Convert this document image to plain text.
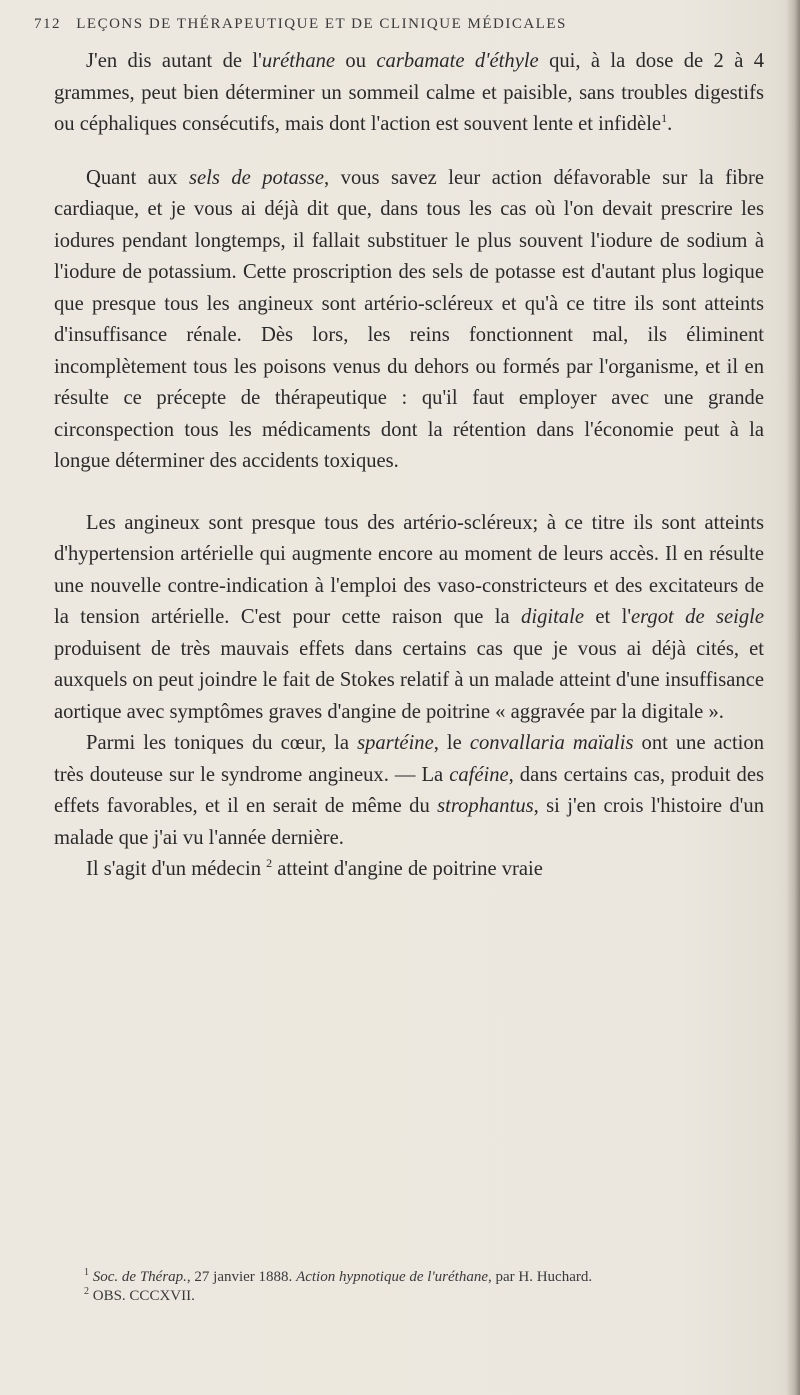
712 LEÇONS DE THÉRAPEUTIQUE ET DE CLINIQUE MÉDICALES

J'en dis autant de l'uréthane ou carbamate d'éthyle qui, à la dose de 2 à 4 grammes, peut bien déterminer un sommeil calme et paisible, sans troubles digestifs ou céphaliques consécutifs, mais dont l'action est souvent lente et infidèle$^1$.

Quant aux sels de potasse, vous savez leur action défavorable sur la fibre cardiaque, et je vous ai déjà dit que, dans tous les cas où l'on devait prescrire les iodures pendant longtemps, il fallait substituer le plus souvent l'iodure de sodium à l'iodure de potassium. Cette proscription des sels de potasse est d'autant plus logique que presque tous les angineux sont artério-scléreux et qu'à ce titre ils sont atteints d'insuffisance rénale. Dès lors, les reins fonctionnent mal, ils éliminent incomplètement tous les poisons venus du dehors ou formés par l'organisme, et il en résulte ce précepte de thérapeutique : qu'il faut employer avec une grande circonspection tous les médicaments dont la rétention dans l'économie peut à la longue déterminer des accidents toxiques.

Les angineux sont presque tous des artério-scléreux; à ce titre ils sont atteints d'hypertension artérielle qui augmente encore au moment de leurs accès. Il en résulte une nouvelle contre-indication à l'emploi des vaso-constricteurs et des excitateurs de la tension artérielle. C'est pour cette raison que la digitale et l'ergot de seigle produisent de très mauvais effets dans certains cas que je vous ai déjà cités, et auxquels on peut joindre le fait de Stokes relatif à un malade atteint d'une insuffisance aortique avec symptômes graves d'angine de poitrine « aggravée par la digitale ».

Parmi les toniques du cœur, la spartéine, le convallaria maïalis ont une action très douteuse sur le syndrome angineux. — La caféine, dans certains cas, produit des effets favorables, et il en serait de même du strophantus, si j'en crois l'histoire d'un malade que j'ai vu l'année dernière.

Il s'agit d'un médecin $^2$ atteint d'angine de poitrine vraie

$^1$ Soc. de Thérap., 27 janvier 1888. Action hypnotique de l'uréthane, par H. Huchard.

$^2$ OBS. CCCXVII.
